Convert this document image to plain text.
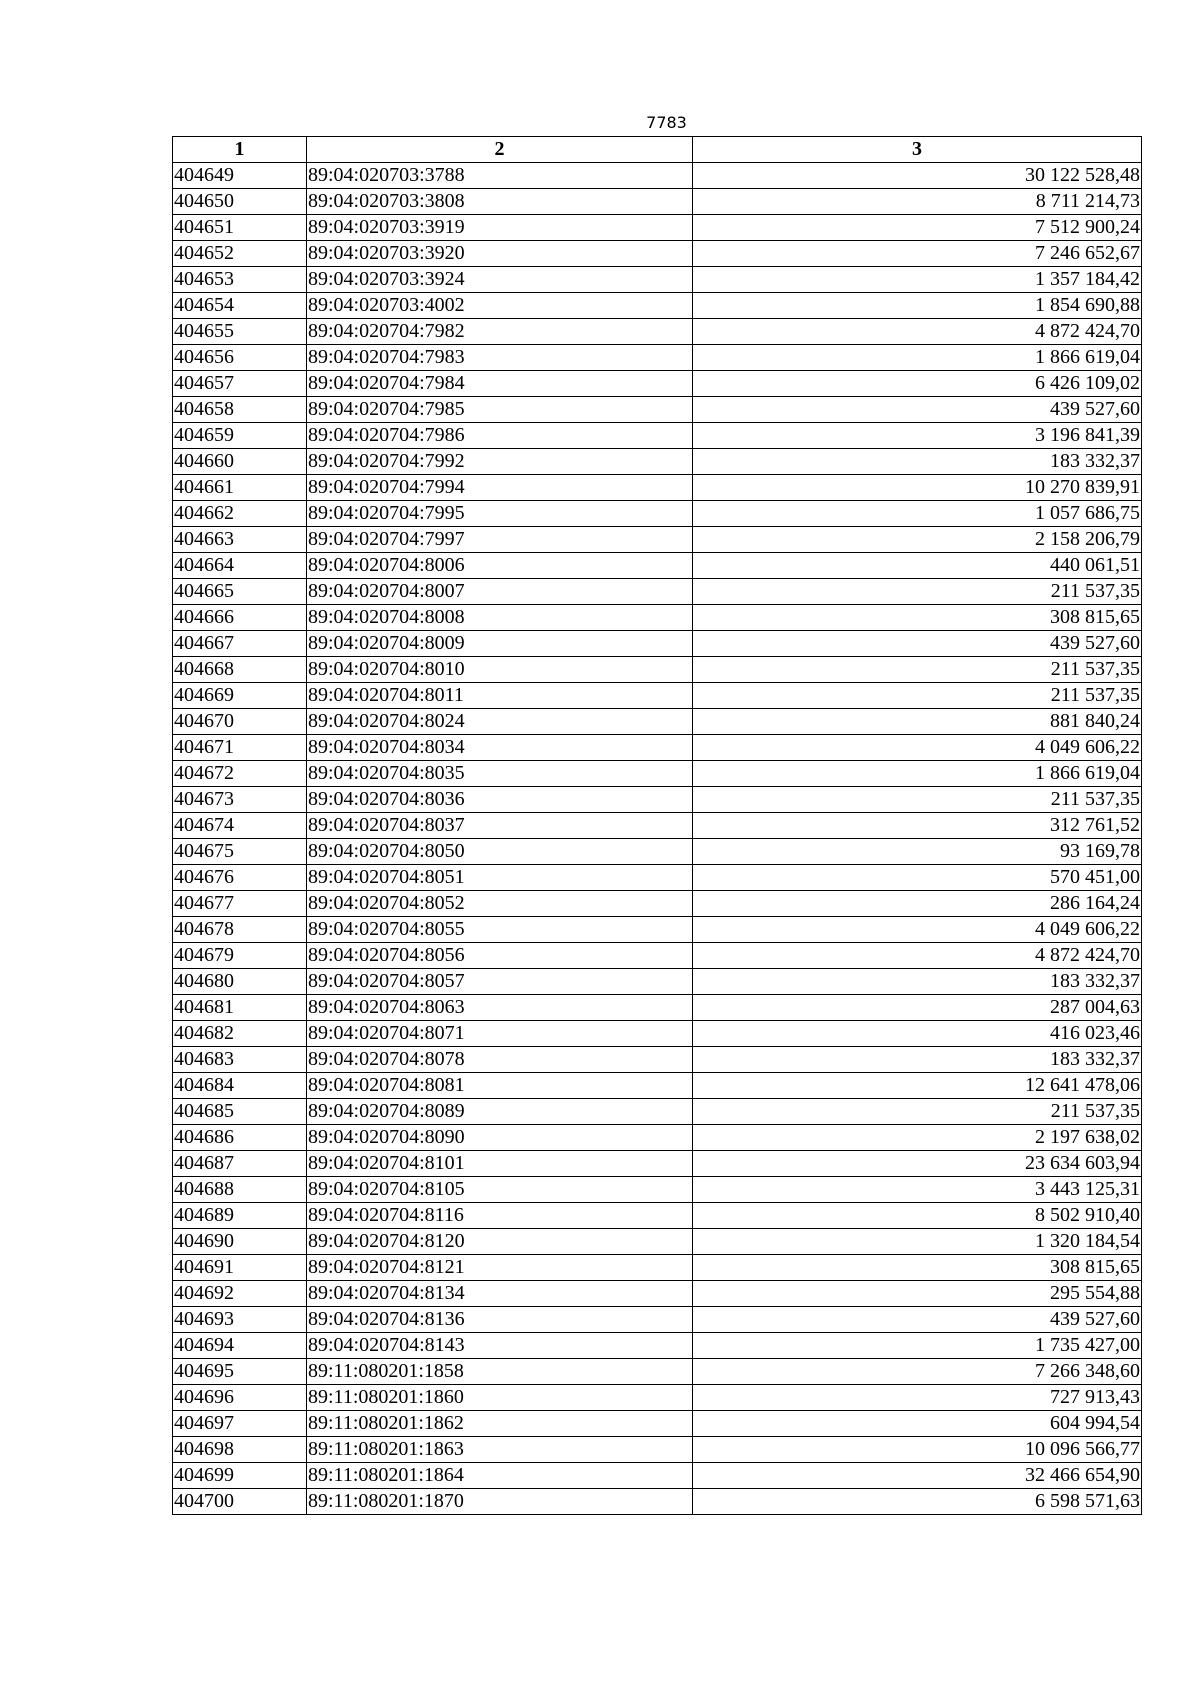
7783
1	2	3
404649	89:04:020703:3788	30 122 528,48
404650	89:04:020703:3808	8 711 214,73
404651	89:04:020703:3919	7 512 900,24
404652	89:04:020703:3920	7 246 652,67
404653	89:04:020703:3924	1 357 184,42
404654	89:04:020703:4002	1 854 690,88
404655	89:04:020704:7982	4 872 424,70
404656	89:04:020704:7983	1 866 619,04
404657	89:04:020704:7984	6 426 109,02
404658	89:04:020704:7985	439 527,60
404659	89:04:020704:7986	3 196 841,39
404660	89:04:020704:7992	183 332,37
404661	89:04:020704:7994	10 270 839,91
404662	89:04:020704:7995	1 057 686,75
404663	89:04:020704:7997	2 158 206,79
404664	89:04:020704:8006	440 061,51
404665	89:04:020704:8007	211 537,35
404666	89:04:020704:8008	308 815,65
404667	89:04:020704:8009	439 527,60
404668	89:04:020704:8010	211 537,35
404669	89:04:020704:8011	211 537,35
404670	89:04:020704:8024	881 840,24
404671	89:04:020704:8034	4 049 606,22
404672	89:04:020704:8035	1 866 619,04
404673	89:04:020704:8036	211 537,35
404674	89:04:020704:8037	312 761,52
404675	89:04:020704:8050	93 169,78
404676	89:04:020704:8051	570 451,00
404677	89:04:020704:8052	286 164,24
404678	89:04:020704:8055	4 049 606,22
404679	89:04:020704:8056	4 872 424,70
404680	89:04:020704:8057	183 332,37
404681	89:04:020704:8063	287 004,63
404682	89:04:020704:8071	416 023,46
404683	89:04:020704:8078	183 332,37
404684	89:04:020704:8081	12 641 478,06
404685	89:04:020704:8089	211 537,35
404686	89:04:020704:8090	2 197 638,02
404687	89:04:020704:8101	23 634 603,94
404688	89:04:020704:8105	3 443 125,31
404689	89:04:020704:8116	8 502 910,40
404690	89:04:020704:8120	1 320 184,54
404691	89:04:020704:8121	308 815,65
404692	89:04:020704:8134	295 554,88
404693	89:04:020704:8136	439 527,60
404694	89:04:020704:8143	1 735 427,00
404695	89:11:080201:1858	7 266 348,60
404696	89:11:080201:1860	727 913,43
404697	89:11:080201:1862	604 994,54
404698	89:11:080201:1863	10 096 566,77
404699	89:11:080201:1864	32 466 654,90
404700	89:11:080201:1870	6 598 571,63
